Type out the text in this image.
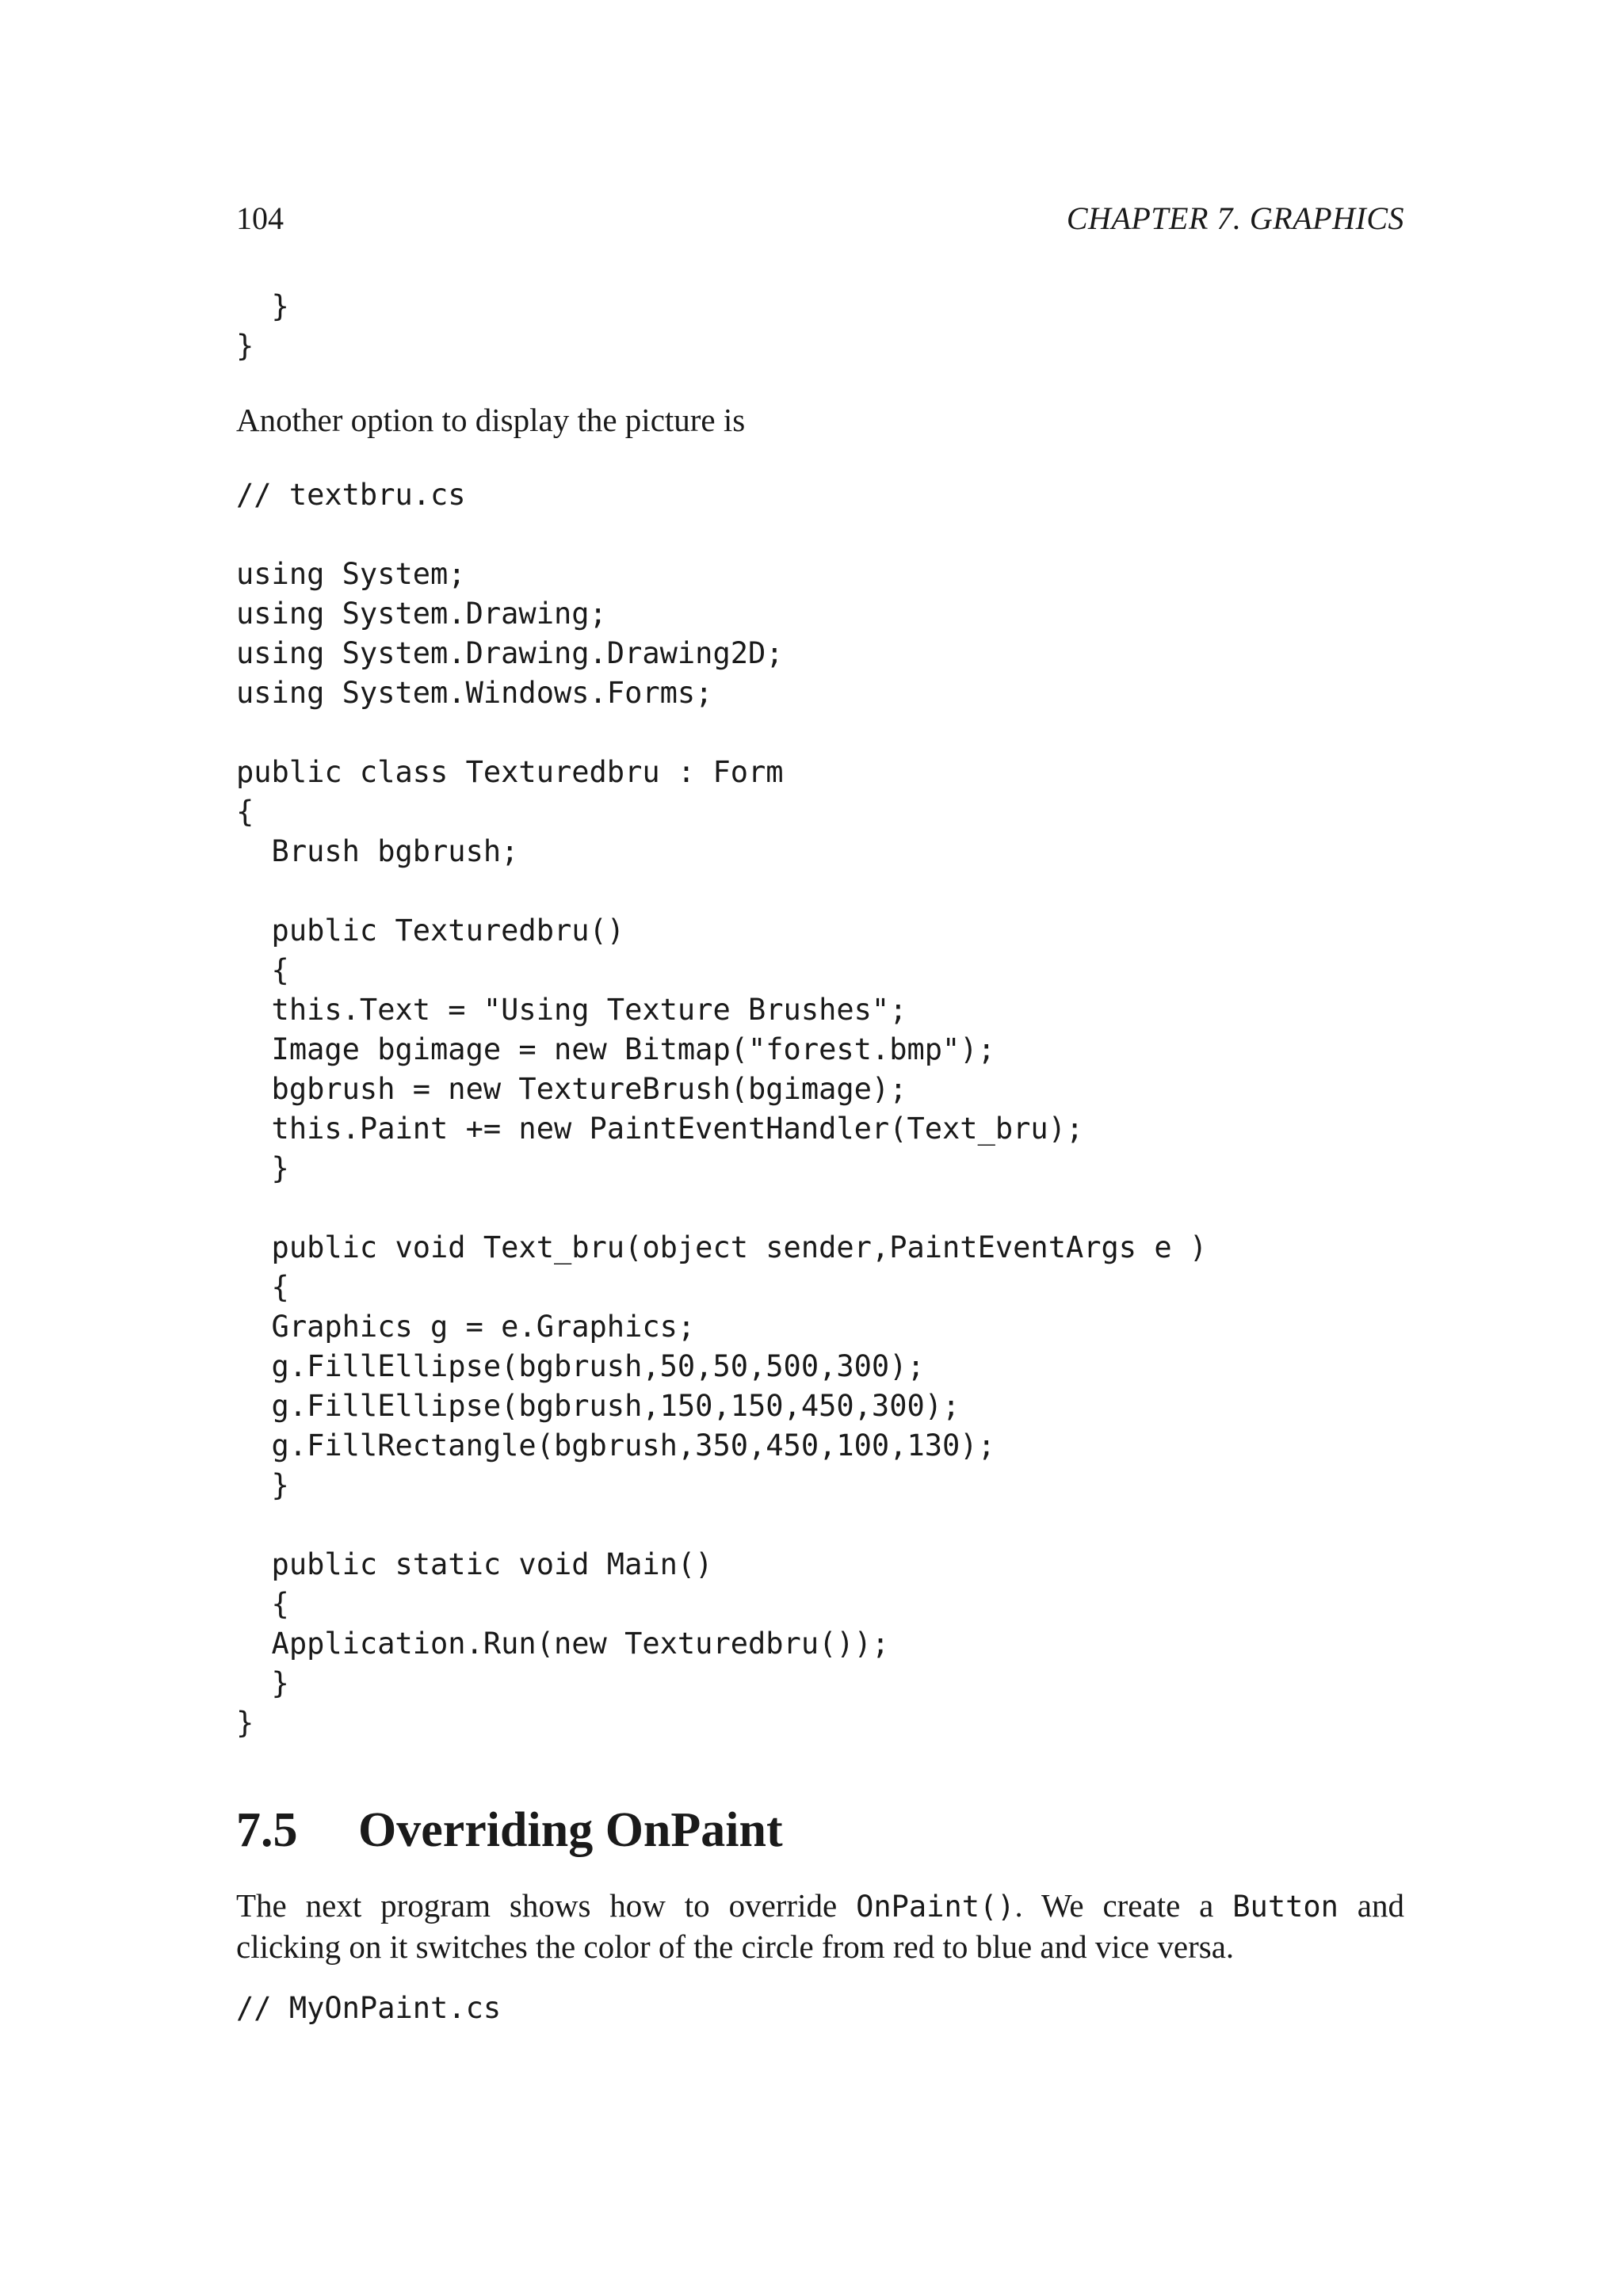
104	CHAPTER 7. GRAPHICS
}
}

Another option to display the picture is

// textbru.cs
using System;
using System.Drawing;
using System.Drawing.Drawing2D;
using System.Windows.Forms;
public class Texturedbru : Form
{
Brush bgbrush;
public Texturedbru()
{
this.Text = "Using Texture Brushes";
Image bgimage = new Bitmap("forest.bmp");
bgbrush = new TextureBrush(bgimage);
this.Paint += new PaintEventHandler(Text_bru);
}
public void Text_bru(object sender,PaintEventArgs e )
{
Graphics g = e.Graphics;
g.FillEllipse(bgbrush,50,50,500,300);
g.FillEllipse(bgbrush,150,150,450,300);
g.FillRectangle(bgbrush,350,450,100,130);
}
public static void Main()
{
Application.Run(new Texturedbru());
}
}
7.5 Overriding OnPaint
The next program shows how to override OnPaint(). We create a Button and
clicking on it switches the color of the circle from red to blue and vice versa.
// MyOnPaint.cs
